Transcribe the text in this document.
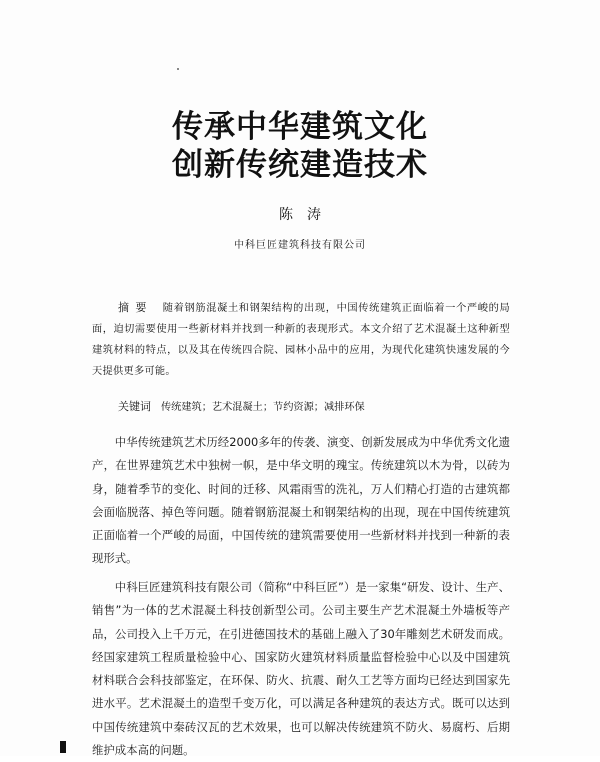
传承中华建筑文化
创新传统建造技术
陈涛
中科巨匠建筑科技有限公司
摘要 随着钢筋混凝土和钢架结构的出现，中国传统建筑正面临着一个严峻的局面，迫切需要使用一些新材料并找到一种新的表现形式。本文介绍了艺术混凝土这种新型建筑材料的特点，以及其在传统四合院、园林小品中的应用，为现代化建筑快速发展的今天提供更多可能。
关键词 传统建筑；艺术混凝土；节约资源；减排环保

中华传统建筑艺术历经2000多年的传袭、演变、创新发展成为中华优秀文化遗产，在世界建筑艺术中独树一帜，是中华文明的瑰宝。传统建筑以木为骨，以砖为身，随着季节的变化、时间的迁移、风霜雨雪的洗礼，万人们精心打造的古建筑都会面临脱落、掉色等问题。随着钢筋混凝土和钢架结构的出现，现在中国传统建筑正面临着一个严峻的局面，中国传统的建筑需要使用一些新材料并找到一种新的表现形式。

中科巨匠建筑科技有限公司（简称“中科巨匠”）是一家集“研发、设计、生产、销售”为一体的艺术混凝土科技创新型公司。公司主要生产艺术混凝土外墙板等产品，公司投入上千万元，在引进德国技术的基础上融入了30年雕刻艺术研发而成。经国家建筑工程质量检验中心、国家防火建筑材料质量监督检验中心以及中国建筑材料联合会科技部鉴定，在环保、防火、抗震、耐久工艺等方面均已经达到国家先进水平。艺术混凝土的造型千变万化，可以满足各种建筑的表达方式。既可以达到中国传统建筑中秦砖汉瓦的艺术效果，也可以解决传统建筑不防火、易腐朽、后期维护成本高的问题。
